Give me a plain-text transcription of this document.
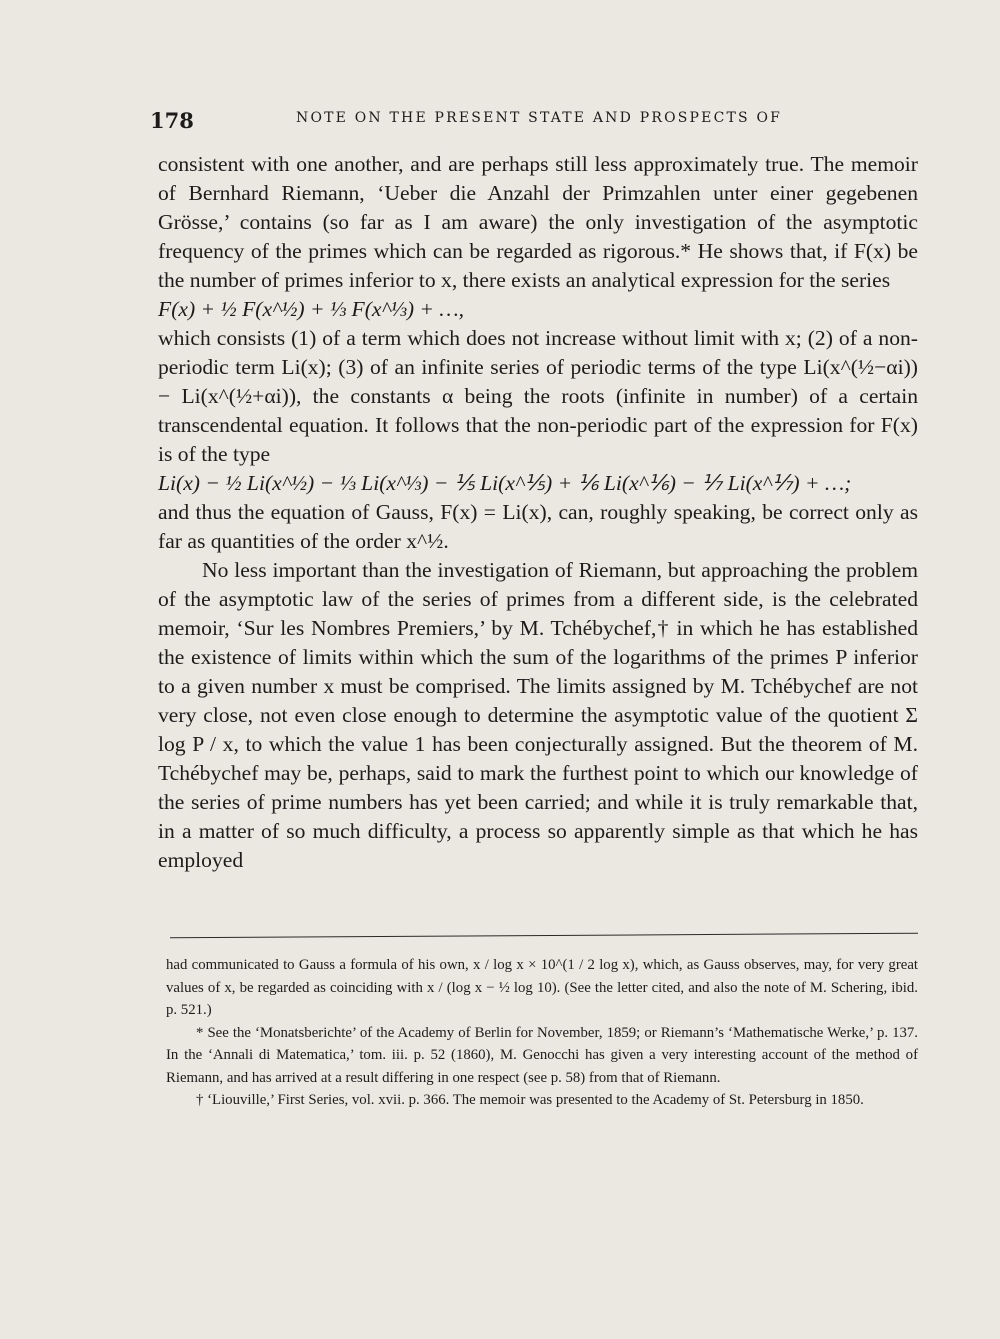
178	NOTE ON THE PRESENT STATE AND PROSPECTS OF

consistent with one another, and are perhaps still less approximately true. The memoir of Bernhard Riemann, ‘Ueber die Anzahl der Primzahlen unter einer gegebenen Grösse,’ contains (so far as I am aware) the only investigation of the asymptotic frequency of the primes which can be regarded as rigorous.* He shows that, if F(x) be the number of primes inferior to x, there exists an analytical expression for the series

F(x) + ½ F(x^½) + ⅓ F(x^⅓) + …,

which consists (1) of a term which does not increase without limit with x; (2) of a non-periodic term Li(x); (3) of an infinite series of periodic terms of the type Li(x^(½−αi)) − Li(x^(½+αi)), the constants α being the roots (infinite in number) of a certain transcendental equation. It follows that the non-periodic part of the expression for F(x) is of the type

Li(x) − ½ Li(x^½) − ⅓ Li(x^⅓) − ⅕ Li(x^⅕) + ⅙ Li(x^⅙) − ⅐ Li(x^⅐) + …;

and thus the equation of Gauss, F(x) = Li(x), can, roughly speaking, be correct only as far as quantities of the order x^½.

No less important than the investigation of Riemann, but approaching the problem of the asymptotic law of the series of primes from a different side, is the celebrated memoir, ‘Sur les Nombres Premiers,’ by M. Tchébychef,† in which he has established the existence of limits within which the sum of the logarithms of the primes P inferior to a given number x must be comprised. The limits assigned by M. Tchébychef are not very close, not even close enough to determine the asymptotic value of the quotient Σ log P / x, to which the value 1 has been conjecturally assigned. But the theorem of M. Tchébychef may be, perhaps, said to mark the furthest point to which our knowledge of the series of prime numbers has yet been carried; and while it is truly remarkable that, in a matter of so much difficulty, a process so apparently simple as that which he has employed

had communicated to Gauss a formula of his own, x / log x × 10^(1 / 2 log x), which, as Gauss observes, may, for very great values of x, be regarded as coinciding with x / (log x − ½ log 10). (See the letter cited, and also the note of M. Schering, ibid. p. 521.)

* See the ‘Monatsberichte’ of the Academy of Berlin for November, 1859; or Riemann’s ‘Mathematische Werke,’ p. 137. In the ‘Annali di Matematica,’ tom. iii. p. 52 (1860), M. Genocchi has given a very interesting account of the method of Riemann, and has arrived at a result differing in one respect (see p. 58) from that of Riemann.

† ‘Liouville,’ First Series, vol. xvii. p. 366. The memoir was presented to the Academy of St. Petersburg in 1850.
